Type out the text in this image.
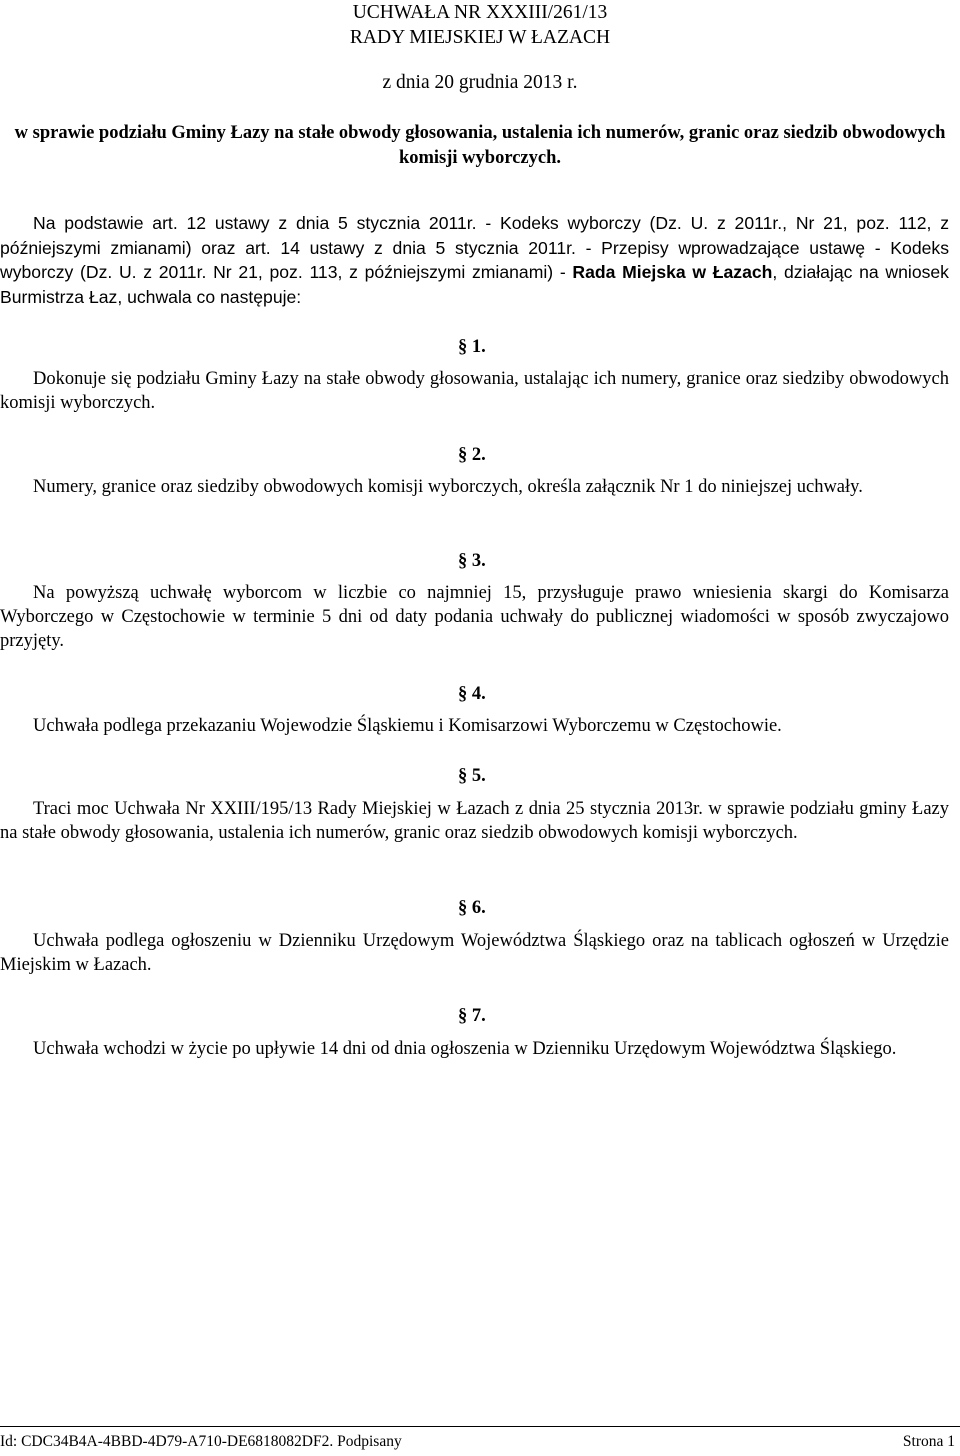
UCHWAŁA NR XXXIII/261/13
RADY MIEJSKIEJ W ŁAZACH
z dnia 20 grudnia 2013 r.
w sprawie podziału Gminy Łazy na stałe obwody głosowania, ustalenia ich numerów, granic oraz siedzib obwodowych komisji wyborczych.
Na podstawie art. 12 ustawy z dnia 5 stycznia 2011r. - Kodeks wyborczy (Dz. U. z 2011r., Nr 21, poz. 112, z późniejszymi zmianami) oraz art. 14 ustawy z dnia 5 stycznia 2011r. - Przepisy wprowadzające ustawę - Kodeks wyborczy (Dz. U. z 2011r. Nr 21, poz. 113, z późniejszymi zmianami) - Rada Miejska w Łazach, działając na wniosek Burmistrza Łaz, uchwala co następuje:
§ 1.
Dokonuje się podziału Gminy Łazy na stałe obwody głosowania, ustalając ich numery, granice oraz siedziby obwodowych komisji wyborczych.
§ 2.
Numery, granice oraz siedziby obwodowych komisji wyborczych, określa załącznik Nr 1 do niniejszej uchwały.
§ 3.
Na powyższą uchwałę wyborcom w liczbie co najmniej 15, przysługuje prawo wniesienia skargi do Komisarza Wyborczego w Częstochowie w terminie 5 dni od daty podania uchwały do publicznej wiadomości w sposób zwyczajowo przyjęty.
§ 4.
Uchwała podlega przekazaniu Wojewodzie Śląskiemu i Komisarzowi Wyborczemu w Częstochowie.
§ 5.
Traci moc Uchwała Nr XXIII/195/13 Rady Miejskiej w Łazach z dnia 25 stycznia 2013r. w sprawie podziału gminy Łazy na stałe obwody głosowania, ustalenia ich numerów, granic oraz siedzib obwodowych komisji wyborczych.
§ 6.
Uchwała podlega ogłoszeniu w Dzienniku Urzędowym Województwa Śląskiego oraz na tablicach ogłoszeń w Urzędzie Miejskim w Łazach.
§ 7.
Uchwała wchodzi w życie po upływie 14 dni od dnia ogłoszenia w Dzienniku Urzędowym Województwa Śląskiego.
Id: CDC34B4A-4BBD-4D79-A710-DE6818082DF2. Podpisany	Strona 1
